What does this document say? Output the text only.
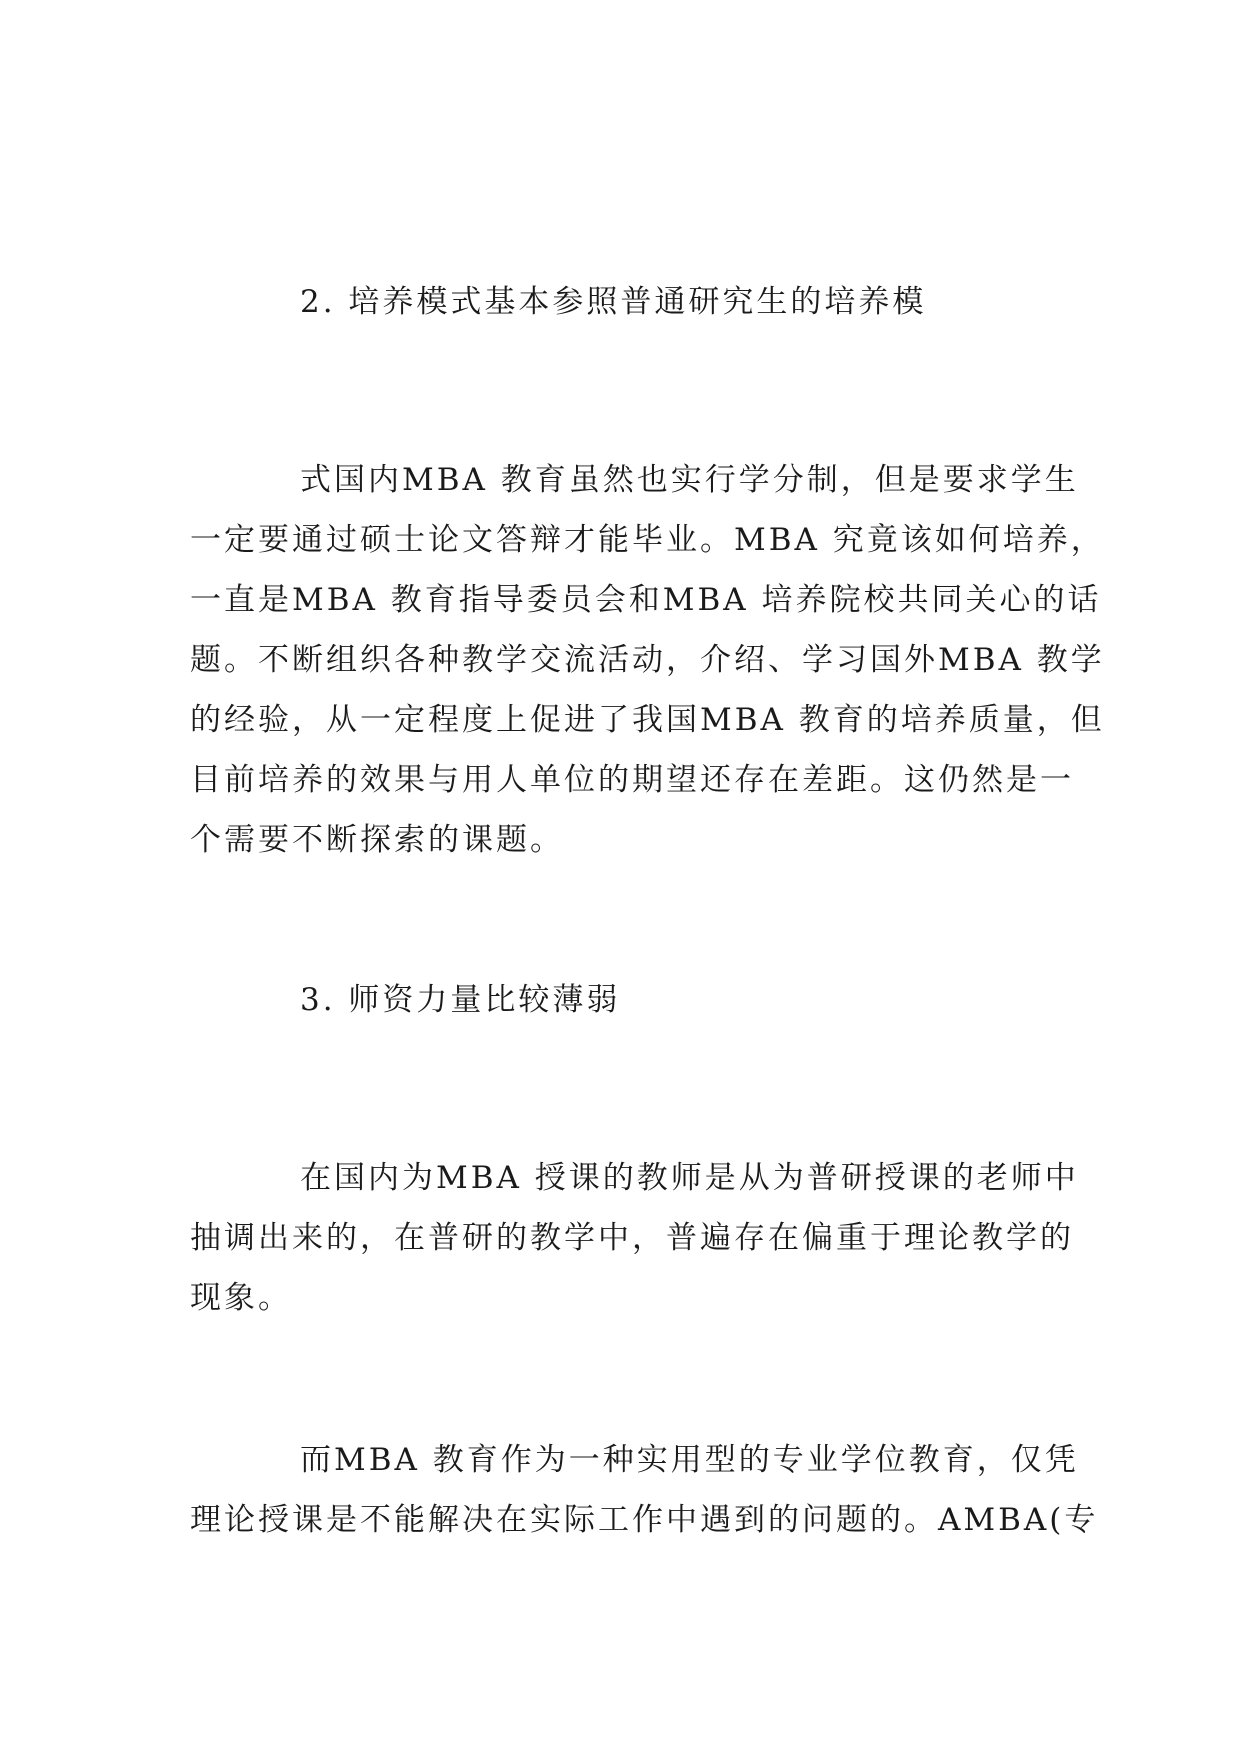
2. 培养模式基本参照普通研究生的培养模
式国内MBA 教育虽然也实行学分制，但是要求学生
一定要通过硕士论文答辩才能毕业。MBA 究竟该如何培养，
一直是MBA 教育指导委员会和MBA 培养院校共同关心的话
题。不断组织各种教学交流活动，介绍、学习国外MBA 教学
的经验，从一定程度上促进了我国MBA 教育的培养质量，但
目前培养的效果与用人单位的期望还存在差距。这仍然是一
个需要不断探索的课题。
3. 师资力量比较薄弱
在国内为MBA 授课的教师是从为普研授课的老师中
抽调出来的，在普研的教学中，普遍存在偏重于理论教学的
现象。
而MBA 教育作为一种实用型的专业学位教育，仅凭
理论授课是不能解决在实际工作中遇到的问题的。AMBA(专
